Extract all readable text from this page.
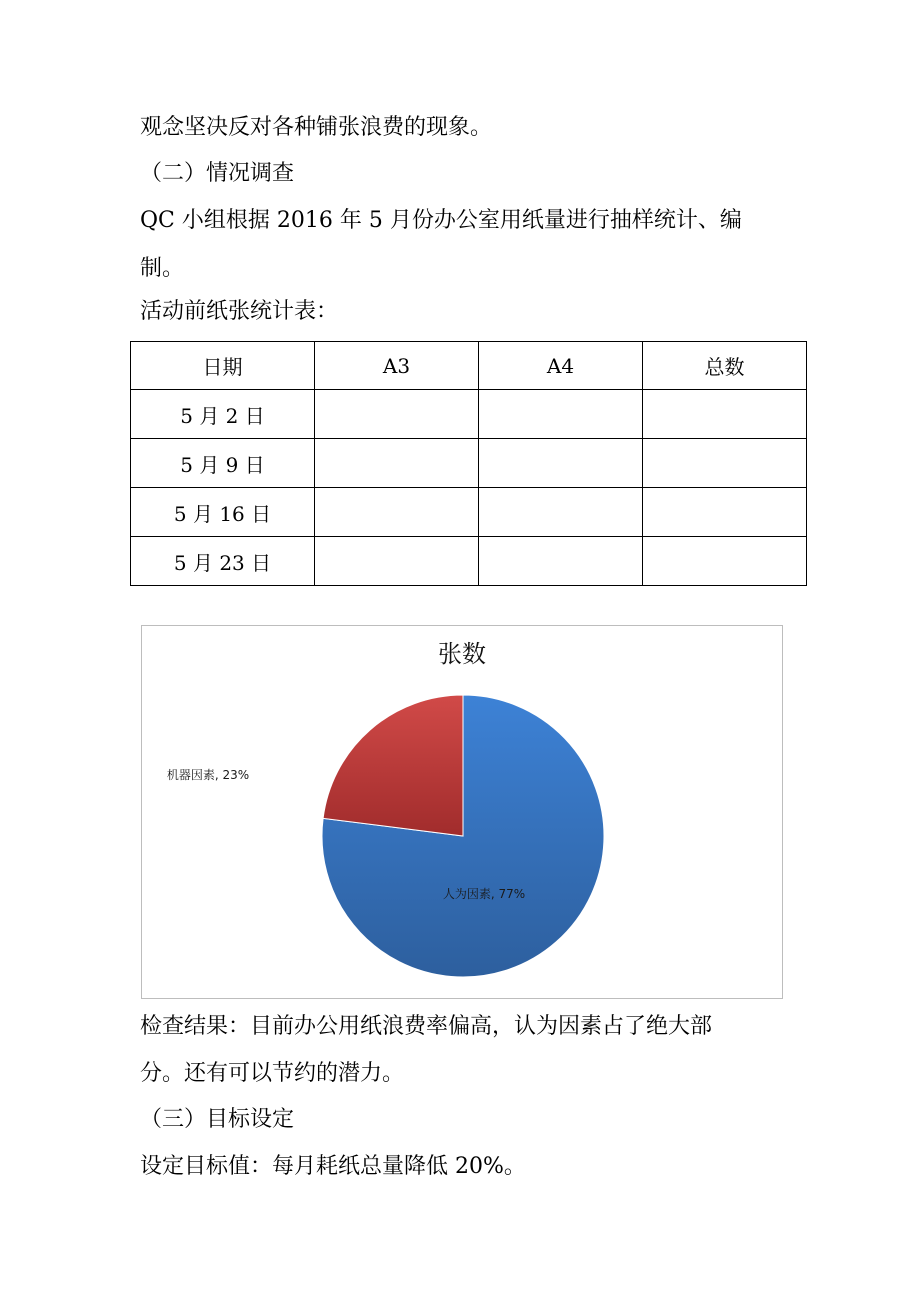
观念坚决反对各种铺张浪费的现象。
（二）情况调查
QC 小组根据 2016 年 5 月份办公室用纸量进行抽样统计、编
制。
活动前纸张统计表：
日期	A3	A4	总数
5 月 2 日			
5 月 9 日			
5 月 16 日			
5 月 23 日			
张数
人为因素, 77%
机器因素, 23%
检查结果：目前办公用纸浪费率偏高，认为因素占了绝大部
分。还有可以节约的潜力。
（三）目标设定
设定目标值：每月耗纸总量降低 20%。
